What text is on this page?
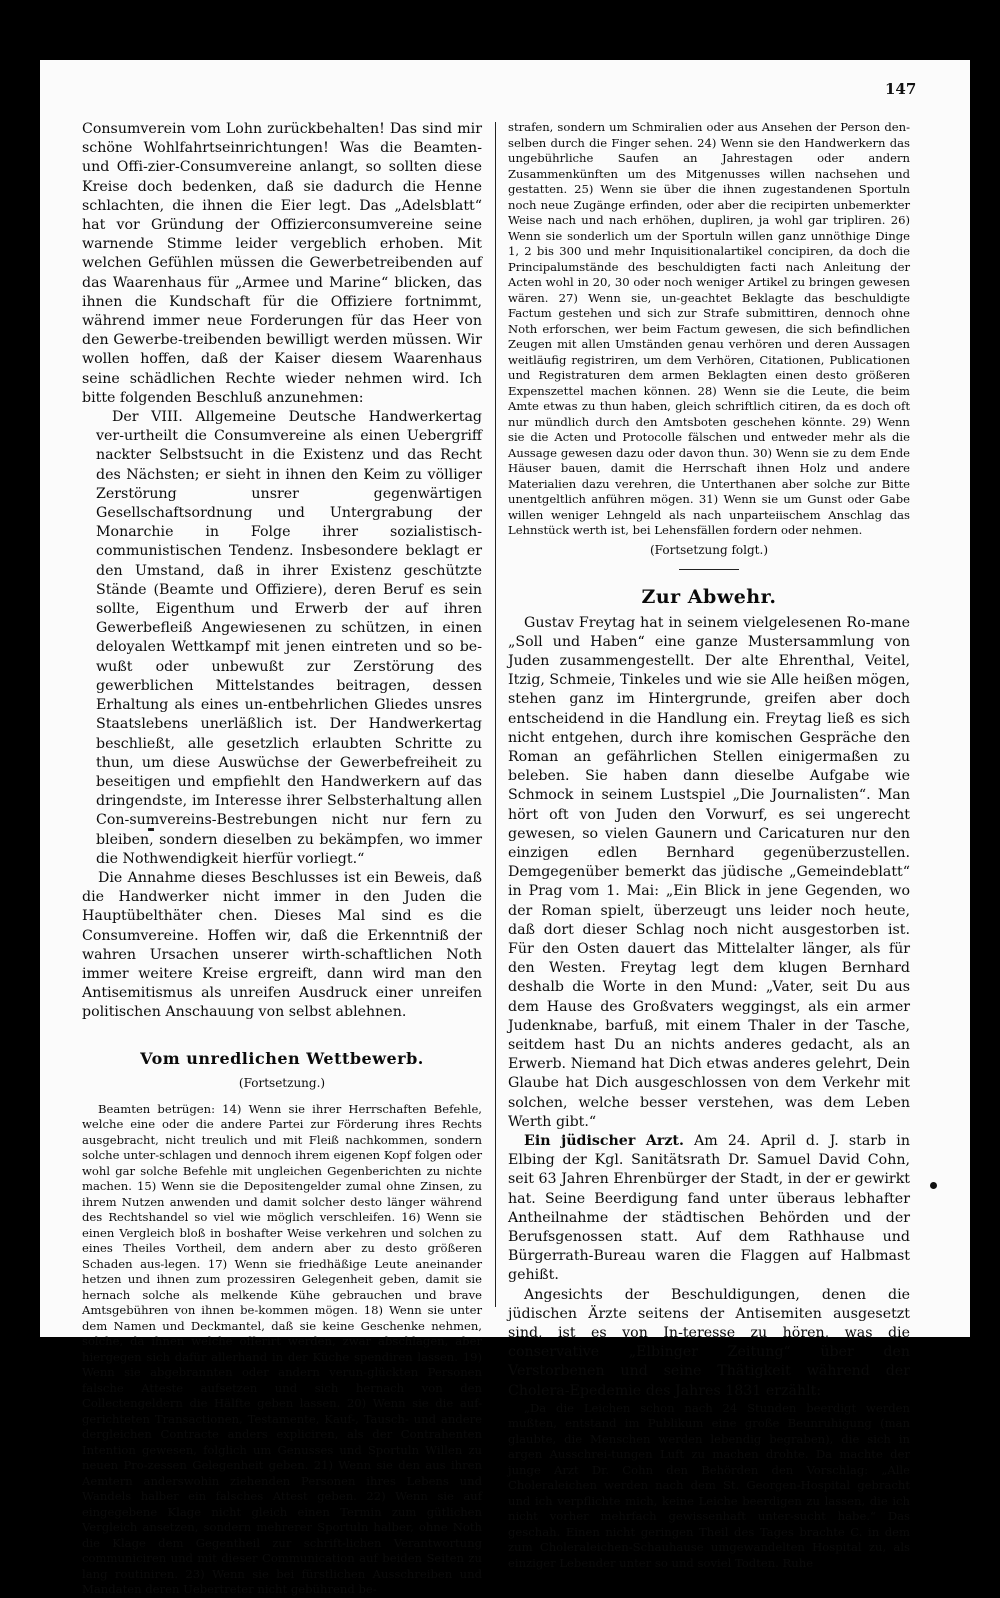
147

Consumverein vom Lohn zurückbehalten! Das sind mir schöne Wohlfahrtseinrichtungen! Was die Beamten- und Offi-zier-Consumvereine anlangt, so sollten diese Kreise doch bedenken, daß sie dadurch die Henne schlachten, die ihnen die Eier legt. Das „Adelsblatt“ hat vor Gründung der Offizierconsumvereine seine warnende Stimme leider vergeblich erhoben. Mit welchen Gefühlen müssen die Gewerbetreibenden auf das Waarenhaus für „Armee und Marine“ blicken, das ihnen die Kundschaft für die Offiziere fortnimmt, während immer neue Forderungen für das Heer von den Gewerbe-treibenden bewilligt werden müssen. Wir wollen hoffen, daß der Kaiser diesem Waarenhaus seine schädlichen Rechte wieder nehmen wird. Ich bitte folgenden Beschluß anzunehmen:

Der VIII. Allgemeine Deutsche Handwerkertag ver-urtheilt die Consumvereine als einen Uebergriff nackter Selbstsucht in die Existenz und das Recht des Nächsten; er sieht in ihnen den Keim zu völliger Zerstörung unsrer gegenwärtigen Gesellschaftsordnung und Untergrabung der Monarchie in Folge ihrer sozialistisch-communistischen Tendenz. Insbesondere beklagt er den Umstand, daß in ihrer Existenz geschützte Stände (Beamte und Offiziere), deren Beruf es sein sollte, Eigenthum und Erwerb der auf ihren Gewerbefleiß Angewiesenen zu schützen, in einen deloyalen Wettkampf mit jenen eintreten und so be-wußt oder unbewußt zur Zerstörung des gewerblichen Mittelstandes beitragen, dessen Erhaltung als eines un-entbehrlichen Gliedes unsres Staatslebens unerläßlich ist. Der Handwerkertag beschließt, alle gesetzlich erlaubten Schritte zu thun, um diese Auswüchse der Gewerbefreiheit zu beseitigen und empfiehlt den Handwerkern auf das dringendste, im Interesse ihrer Selbsterhaltung allen Con-sumvereins-Bestrebungen nicht nur fern zu bleiben, sondern dieselben zu bekämpfen, wo immer die Nothwendigkeit hierfür vorliegt.“

Die Annahme dieses Beschlusses ist ein Beweis, daß die Handwerker nicht immer in den Juden die Hauptübelthäter chen. Dieses Mal sind es die Consumvereine. Hoffen wir, daß die Erkenntniß der wahren Ursachen unserer wirth-schaftlichen Noth immer weitere Kreise ergreift, dann wird man den Antisemitismus als unreifen Ausdruck einer unreifen politischen Anschauung von selbst ablehnen.

Vom unredlichen Wettbewerb.
(Fortsetzung.)

Beamten betrügen: 14) Wenn sie ihrer Herrschaften Befehle, welche eine oder die andere Partei zur Förderung ihres Rechts ausgebracht, nicht treulich und mit Fleiß nachkommen, sondern solche unter-schlagen und dennoch ihrem eigenen Kopf folgen oder wohl gar solche Befehle mit ungleichen Gegenberichten zu nichte machen. 15) Wenn sie die Depositengelder zumal ohne Zinsen, zu ihrem Nutzen anwenden und damit solcher desto länger während des Rechtshandel so viel wie möglich verschleifen. 16) Wenn sie einen Vergleich bloß in boshafter Weise verkehren und solchen zu eines Theiles Vortheil, dem andern aber zu desto größeren Schaden aus-legen. 17) Wenn sie friedhäßige Leute aneinander hetzen und ihnen zum prozessiren Gelegenheit geben, damit sie hernach solche als melkende Kühe gebrauchen und brave Amtsgebühren von ihnen be-kommen mögen. 18) Wenn sie unter dem Namen und Deckmantel, daß sie keine Geschenke nehmen, solche, da ihnen welche offerirt werden, zwar abschlagen, aber hiergegen sich dafür allerhand in der Küche spendiren lassen. 19) Wenn sie abgebrannten oder andern verun-glückten Personen falsche Atteste aufsetzen und sich hernach von den Collectengeldern die Hälfte geben lassen. 20) Wenn sie die auf-gerichteten Transactionen, Testamente, Kauf-, Tausch- und andere dergleichen Contracte anders expliciren, als der Contrahenten Intention gewesen, folglich um Genusses und Sportuln Willen zu neuen Pro-zessen Gelegenheit geben. 21) Wenn sie den aus ihren Aemtern anderswohin ziehenden Personen ihres Lebens und Wandels halber ein falsches Attest geben. 22) Wenn sie auf eingegebene Klage nicht gleich einen Termin zum gütlichen Vergleich ansetzen, sondern mehrerer Sportuln halber, ohne Noth die Klage dem Gegentheil zur schrift-lichen Verantwortung communiciren und mit dieser Communication auf beiden Seiten zu lang routiniren. 23) Wenn sie bei fürstlichen Ausschreiben und Mandaten deren Uebertreter nicht gebührend be-

strafen, sondern um Schmiralien oder aus Ansehen der Person den-selben durch die Finger sehen. 24) Wenn sie den Handwerkern das ungebührliche Saufen an Jahrestagen oder andern Zusammenkünften um des Mitgenusses willen nachsehen und gestatten. 25) Wenn sie über die ihnen zugestandenen Sportuln noch neue Zugänge erfinden, oder aber die recipirten unbemerkter Weise nach und nach erhöhen, dupliren, ja wohl gar tripliren. 26) Wenn sie sonderlich um der Sportuln willen ganz unnöthige Dinge 1, 2 bis 300 und mehr Inquisitionalartikel concipiren, da doch die Principalumstände des beschuldigten facti nach Anleitung der Acten wohl in 20, 30 oder noch weniger Artikel zu bringen gewesen wären. 27) Wenn sie, un-geachtet Beklagte das beschuldigte Factum gestehen und sich zur Strafe submittiren, dennoch ohne Noth erforschen, wer beim Factum gewesen, die sich befindlichen Zeugen mit allen Umständen genau verhören und deren Aussagen weitläufig registriren, um dem Verhören, Citationen, Publicationen und Registraturen dem armen Beklagten einen desto größeren Expenszettel machen können. 28) Wenn sie die Leute, die beim Amte etwas zu thun haben, gleich schriftlich citiren, da es doch oft nur mündlich durch den Amtsboten geschehen könnte. 29) Wenn sie die Acten und Protocolle fälschen und entweder mehr als die Aussage gewesen dazu oder davon thun. 30) Wenn sie zu dem Ende Häuser bauen, damit die Herrschaft ihnen Holz und andere Materialien dazu verehren, die Unterthanen aber solche zur Bitte unentgeltlich anführen mögen. 31) Wenn sie um Gunst oder Gabe willen weniger Lehngeld als nach unparteiischem Anschlag das Lehnstück werth ist, bei Lehensfällen fordern oder nehmen.

(Fortsetzung folgt.)
Zur Abwehr.

Gustav Freytag hat in seinem vielgelesenen Ro-mane „Soll und Haben“ eine ganze Mustersammlung von Juden zusammengestellt. Der alte Ehrenthal, Veitel, Itzig, Schmeie, Tinkeles und wie sie Alle heißen mögen, stehen ganz im Hintergrunde, greifen aber doch entscheidend in die Handlung ein. Freytag ließ es sich nicht entgehen, durch ihre komischen Gespräche den Roman an gefährlichen Stellen einigermaßen zu beleben. Sie haben dann dieselbe Aufgabe wie Schmock in seinem Lustspiel „Die Journalisten“. Man hört oft von Juden den Vorwurf, es sei ungerecht gewesen, so vielen Gaunern und Caricaturen nur den einzigen edlen Bernhard gegenüberzustellen. Demgegenüber bemerkt das jüdische „Gemeindeblatt“ in Prag vom 1. Mai: „Ein Blick in jene Gegenden, wo der Roman spielt, überzeugt uns leider noch heute, daß dort dieser Schlag noch nicht ausgestorben ist. Für den Osten dauert das Mittelalter länger, als für den Westen. Freytag legt dem klugen Bernhard deshalb die Worte in den Mund: „Vater, seit Du aus dem Hause des Großvaters weggingst, als ein armer Judenknabe, barfuß, mit einem Thaler in der Tasche, seitdem hast Du an nichts anderes gedacht, als an Erwerb. Niemand hat Dich etwas anderes gelehrt, Dein Glaube hat Dich ausgeschlossen von dem Verkehr mit solchen, welche besser verstehen, was dem Leben Werth gibt.“

Ein jüdischer Arzt. Am 24. April d. J. starb in Elbing der Kgl. Sanitätsrath Dr. Samuel David Cohn, seit 63 Jahren Ehrenbürger der Stadt, in der er gewirkt hat. Seine Beerdigung fand unter überaus lebhafter Antheilnahme der städtischen Behörden und der Berufsgenossen statt. Auf dem Rathhause und Bürgerrath-Bureau waren die Flaggen auf Halbmast gehißt.

Angesichts der Beschuldigungen, denen die jüdischen Ärzte seitens der Antisemiten ausgesetzt sind, ist es von In-teresse zu hören, was die conservative „Elbinger Zeitung“ über den Verstorbenen und seine Thätigkeit während der Cholera-Epedemie des Jahres 1831 erzählt:

„Da die Leichen schon nach 24 Stunden beerdigt werden mußten, entstand im Publikum eine große Beunruhigung (man glaubte, die Menschen werden lebendig begraben), die sich in argen Ausschrei-tungen Luft zu machen drohte. Da machte der junge Arzt Dr. Cohn den Behörden den Vorschlag: „Alle Choleraleichen werden nach dem St. Georgen-Hospital gebracht und ich verpflichte mich, keine Leiche beerdigen zu lassen, die ich nicht vorher mehrfach gewissenhaft unter-sucht habe.“ Das geschah. Einen nicht geringen Theil des Tages brachte C. in dem zum Choleraleichen-Schauhause umgewandelten Hospital zu, als einziger Lebender unter so und soviel Todten. Ruhe
